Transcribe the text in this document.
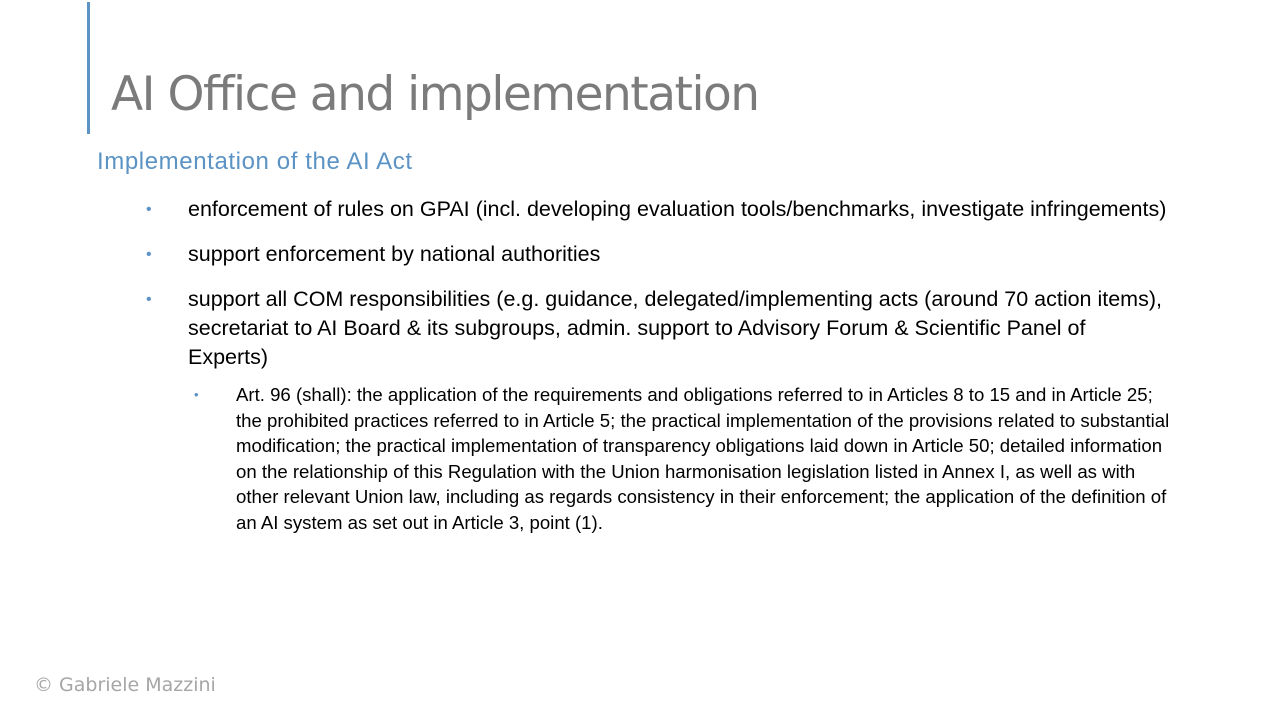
AI Office and implementation
Implementation of the AI Act
• enforcement of rules on GPAI (incl. developing evaluation tools/benchmarks, investigate infringements)
• support enforcement by national authorities
• support all COM responsibilities (e.g. guidance, delegated/implementing acts (around 70 action items), secretariat to AI Board & its subgroups, admin. support to Advisory Forum & Scientific Panel of Experts)
• Art. 96 (shall): the application of the requirements and obligations referred to in Articles 8 to 15 and in Article 25; the prohibited practices referred to in Article 5; the practical implementation of the provisions related to substantial modification; the practical implementation of transparency obligations laid down in Article 50; detailed information on the relationship of this Regulation with the Union harmonisation legislation listed in Annex I, as well as with other relevant Union law, including as regards consistency in their enforcement; the application of the definition of an AI system as set out in Article 3, point (1).

© Gabriele Mazzini
